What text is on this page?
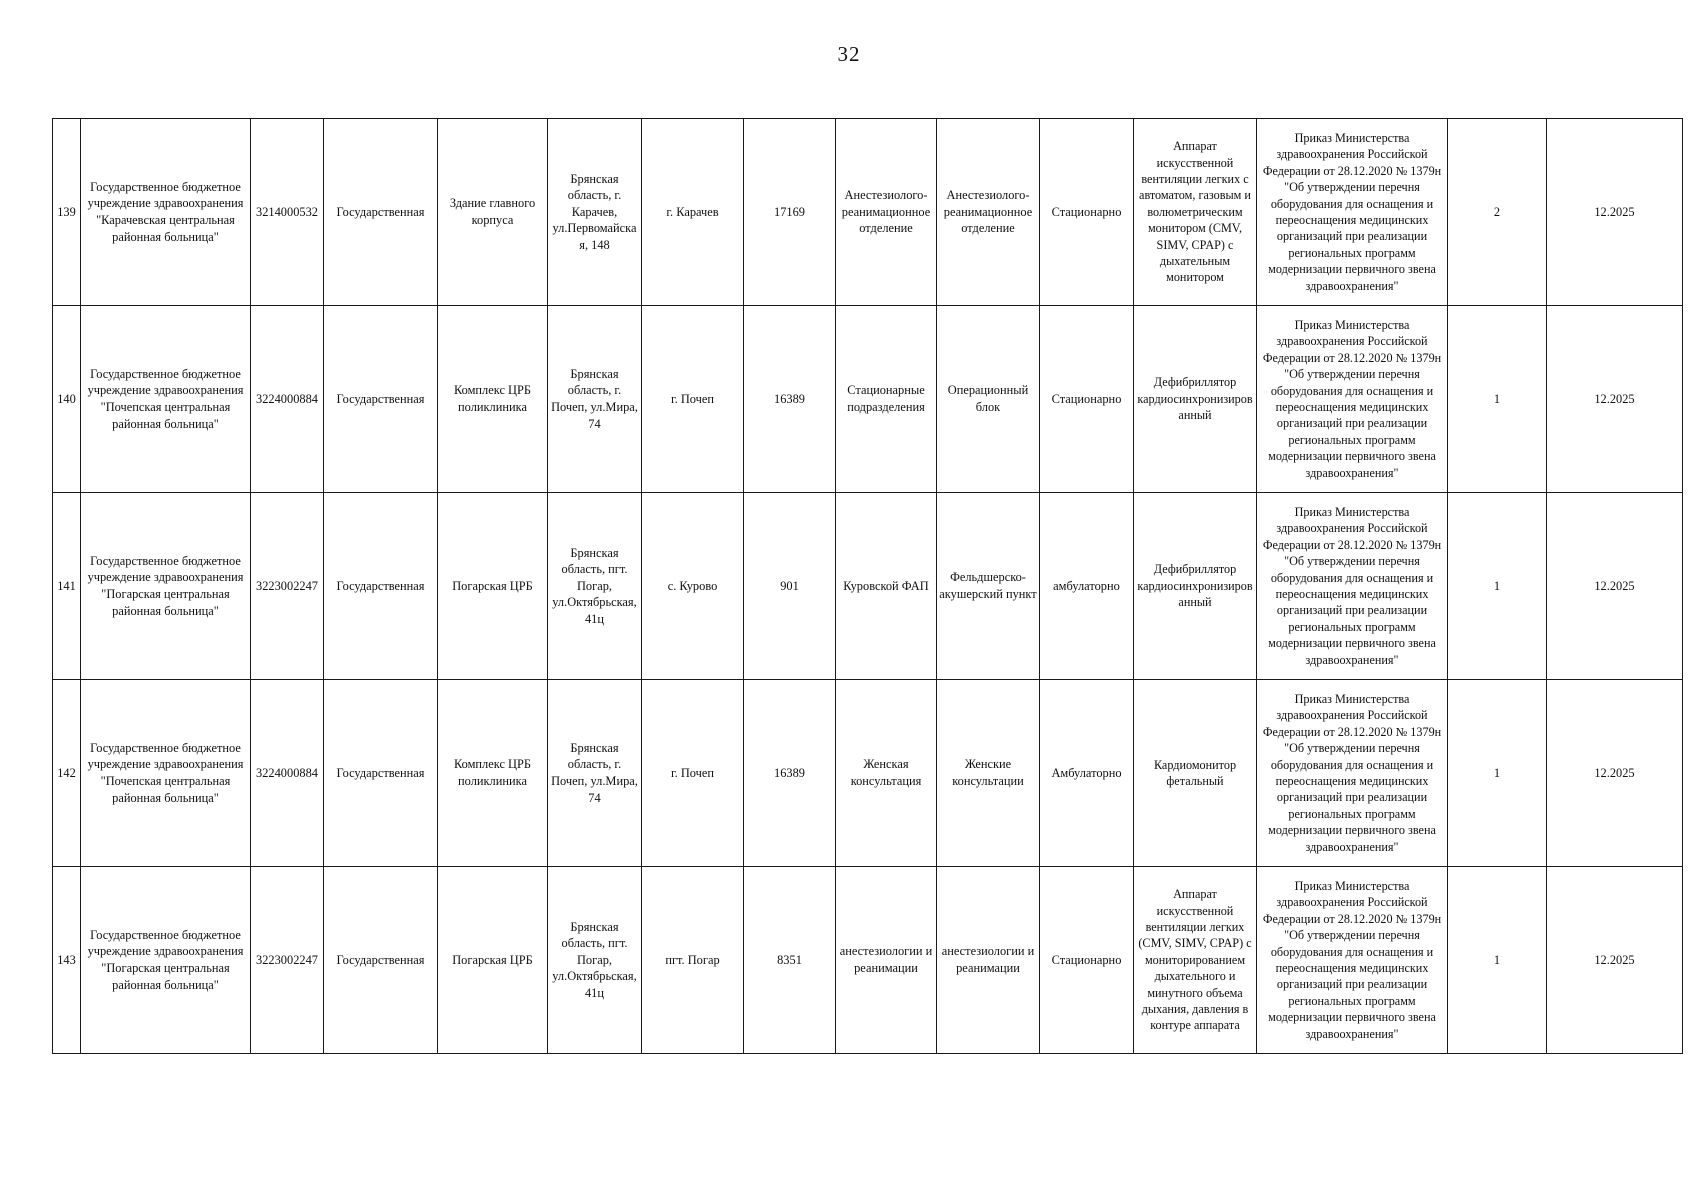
32
139	Государственное бюджетное учреждение здравоохранения "Карачевская центральная районная больница"	3214000532	Государственная	Здание главного корпуса	Брянская область, г. Карачев, ул.Первомайская, 148	г. Карачев	17169	Анестезиолого-реанимационное отделение	Анестезиолого-реанимационное отделение	Стационарно	Аппарат искусственной вентиляции легких с автоматом, газовым и волюметрическим монитором (CMV, SIMV, CPAP) с дыхательным монитором	Приказ Министерства здравоохранения Российской Федерации от 28.12.2020 № 1379н "Об утверждении перечня оборудования для оснащения и переоснащения медицинских организаций при реализации региональных программ модернизации первичного звена здравоохранения"	2	12.2025
140	Государственное бюджетное учреждение здравоохранения "Почепская центральная районная больница"	3224000884	Государственная	Комплекс ЦРБ поликлиника	Брянская область, г. Почеп, ул.Мира, 74	г. Почеп	16389	Стационарные подразделения	Операционный блок	Стационарно	Дефибриллятор кардиосинхронизированный	Приказ Министерства здравоохранения Российской Федерации от 28.12.2020 № 1379н "Об утверждении перечня оборудования для оснащения и переоснащения медицинских организаций при реализации региональных программ модернизации первичного звена здравоохранения"	1	12.2025
141	Государственное бюджетное учреждение здравоохранения "Погарская центральная районная больница"	3223002247	Государственная	Погарская ЦРБ	Брянская область, пгт. Погар, ул.Октябрьская, 41ц	с. Курово	901	Куровской ФАП	Фельдшерско-акушерский пункт	амбулаторно	Дефибриллятор кардиосинхронизированный	Приказ Министерства здравоохранения Российской Федерации от 28.12.2020 № 1379н "Об утверждении перечня оборудования для оснащения и переоснащения медицинских организаций при реализации региональных программ модернизации первичного звена здравоохранения"	1	12.2025
142	Государственное бюджетное учреждение здравоохранения "Почепская центральная районная больница"	3224000884	Государственная	Комплекс ЦРБ поликлиника	Брянская область, г. Почеп, ул.Мира, 74	г. Почеп	16389	Женская консультация	Женские консультации	Амбулаторно	Кардиомонитор фетальный	Приказ Министерства здравоохранения Российской Федерации от 28.12.2020 № 1379н "Об утверждении перечня оборудования для оснащения и переоснащения медицинских организаций при реализации региональных программ модернизации первичного звена здравоохранения"	1	12.2025
143	Государственное бюджетное учреждение здравоохранения "Погарская центральная районная больница"	3223002247	Государственная	Погарская ЦРБ	Брянская область, пгт. Погар, ул.Октябрьская, 41ц	пгт. Погар	8351	анестезиологии и реанимации	анестезиологии и реанимации	Стационарно	Аппарат искусственной вентиляции легких (CMV, SIMV, CPAP) с мониторированием дыхательного и минутного объема дыхания, давления в контуре аппарата	Приказ Министерства здравоохранения Российской Федерации от 28.12.2020 № 1379н "Об утверждении перечня оборудования для оснащения и переоснащения медицинских организаций при реализации региональных программ модернизации первичного звена здравоохранения"	1	12.2025
